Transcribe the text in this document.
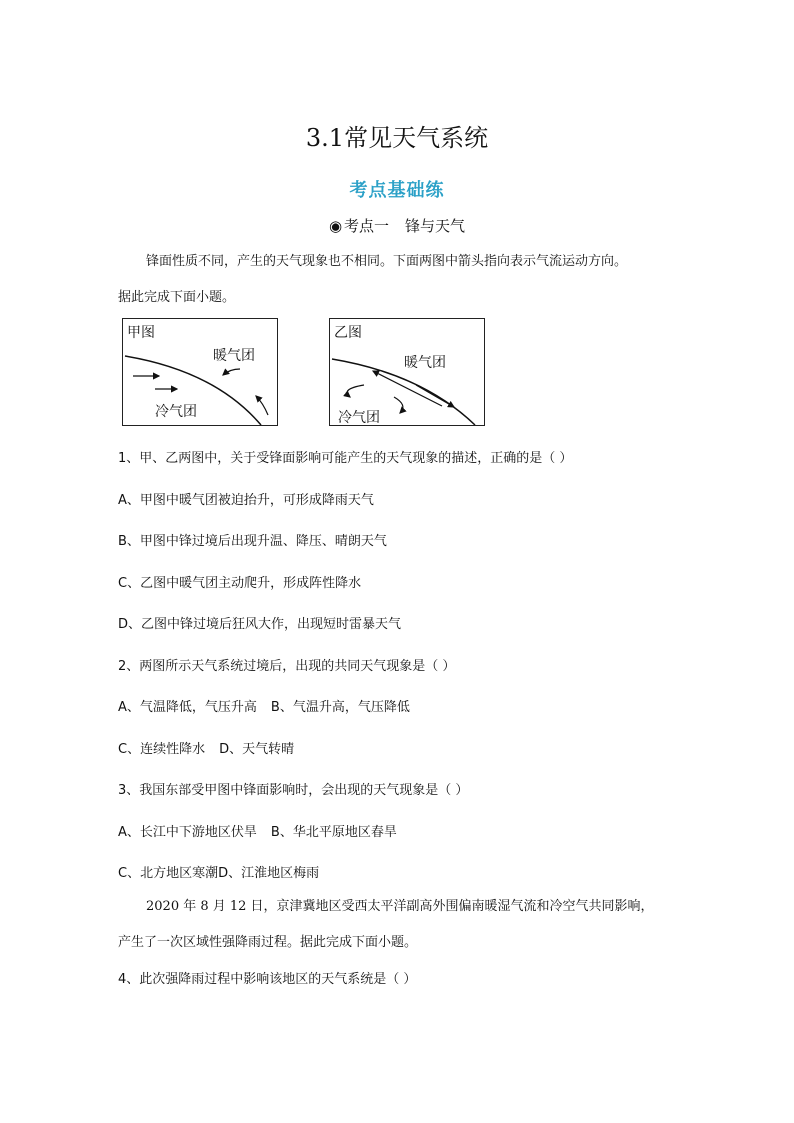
3.1常见天气系统
考点基础练
◉ 考点一 锋与天气
锋面性质不同，产生的天气现象也不相同。下面两图中箭头指向表示气流运动方向。
据此完成下面小题。
甲图
暖气团
冷气团
乙图
暖气团
冷气团
1、甲、乙两图中，关于受锋面影响可能产生的天气现象的描述，正确的是（ ）
A、甲图中暖气团被迫抬升，可形成降雨天气
B、甲图中锋过境后出现升温、降压、晴朗天气
C、乙图中暖气团主动爬升，形成阵性降水
D、乙图中锋过境后狂风大作，出现短时雷暴天气
2、两图所示天气系统过境后，出现的共同天气现象是（ ）
A、气温降低，气压升高 B、气温升高，气压降低
C、连续性降水 D、天气转晴
3、我国东部受甲图中锋面影响时，会出现的天气现象是（ ）
A、长江中下游地区伏旱 B、华北平原地区春旱
C、北方地区寒潮D、江淮地区梅雨
2020 年 8 月 12 日，京津冀地区受西太平洋副高外围偏南暖湿气流和冷空气共同影响，
产生了一次区域性强降雨过程。据此完成下面小题。
4、此次强降雨过程中影响该地区的天气系统是（ ）
